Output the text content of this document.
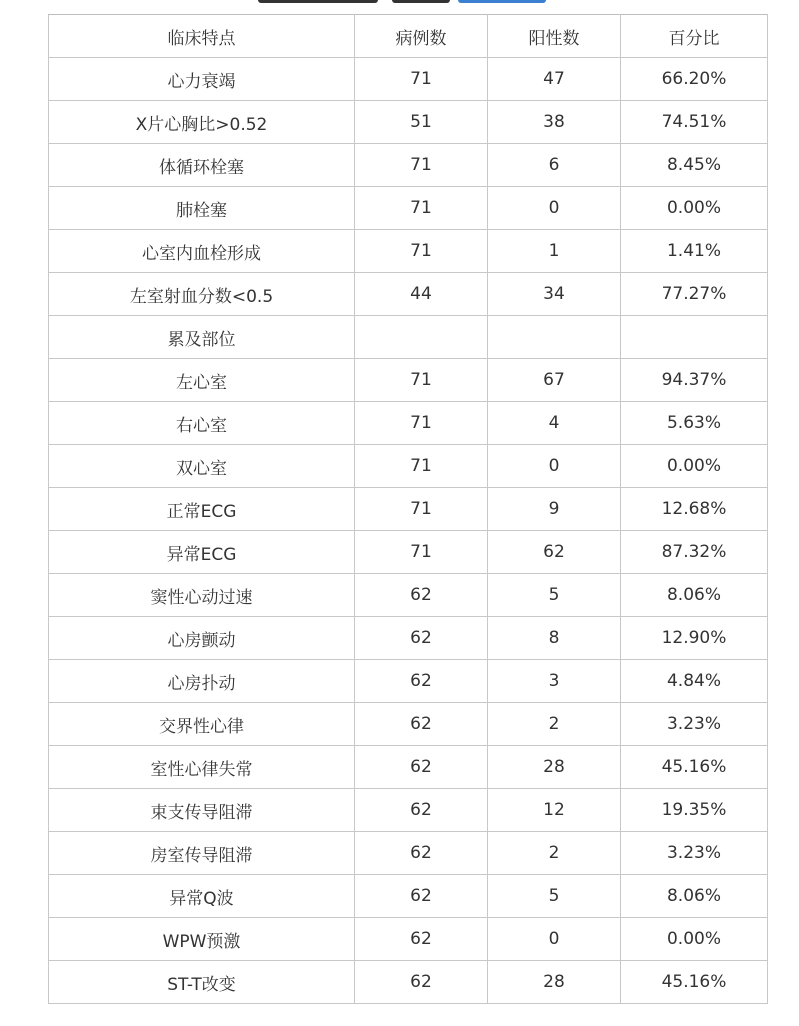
临床特点	病例数	阳性数	百分比
心力衰竭	71	47	66.20%
X片心胸比>0.52	51	38	74.51%
体循环栓塞	71	6	8.45%
肺栓塞	71	0	0.00%
心室内血栓形成	71	1	1.41%
左室射血分数<0.5	44	34	77.27%
累及部位			
左心室	71	67	94.37%
右心室	71	4	5.63%
双心室	71	0	0.00%
正常ECG	71	9	12.68%
异常ECG	71	62	87.32%
窦性心动过速	62	5	8.06%
心房颤动	62	8	12.90%
心房扑动	62	3	4.84%
交界性心律	62	2	3.23%
室性心律失常	62	28	45.16%
束支传导阻滞	62	12	19.35%
房室传导阻滞	62	2	3.23%
异常Q波	62	5	8.06%
WPW预激	62	0	0.00%
ST-T改变	62	28	45.16%
